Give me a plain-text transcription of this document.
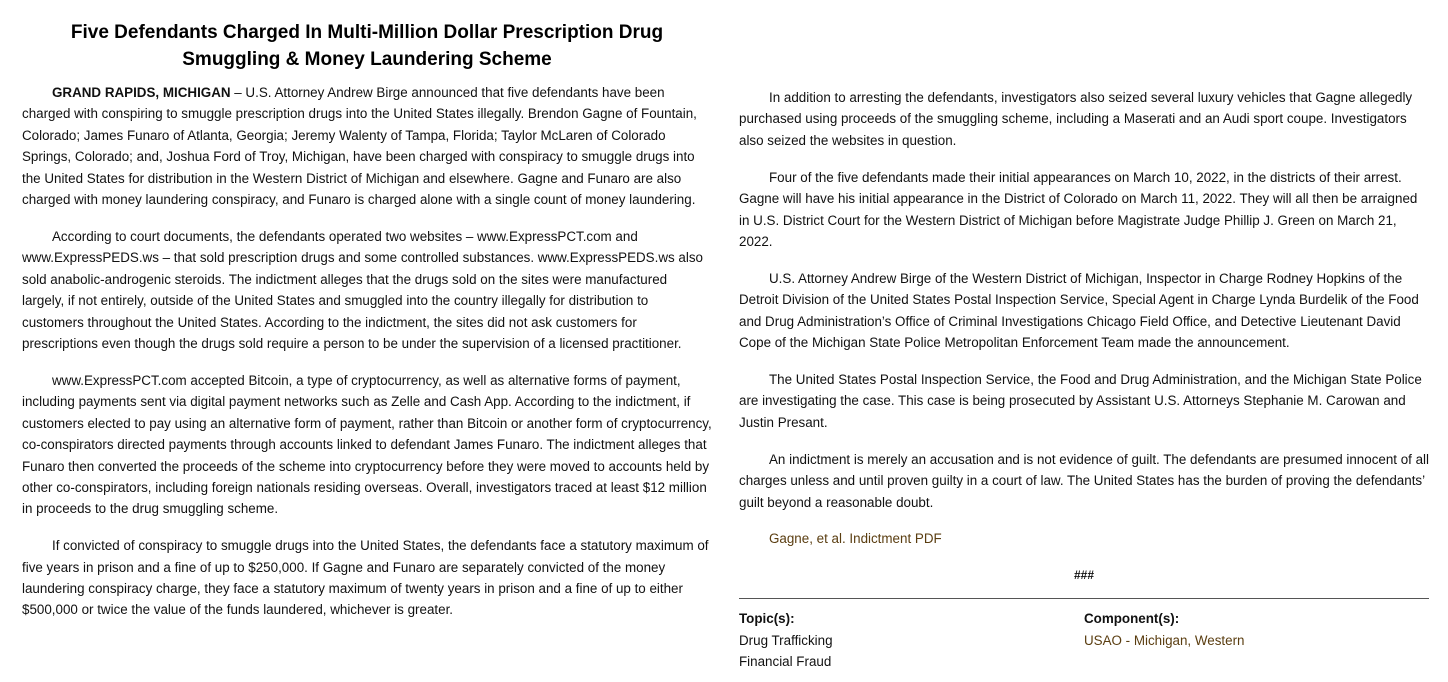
Five Defendants Charged In Multi-Million Dollar Prescription Drug Smuggling & Money Laundering Scheme

GRAND RAPIDS, MICHIGAN – U.S. Attorney Andrew Birge announced that five defendants have been charged with conspiring to smuggle prescription drugs into the United States illegally. Brendon Gagne of Fountain, Colorado; James Funaro of Atlanta, Georgia; Jeremy Walenty of Tampa, Florida; Taylor McLaren of Colorado Springs, Colorado; and, Joshua Ford of Troy, Michigan, have been charged with conspiracy to smuggle drugs into the United States for distribution in the Western District of Michigan and elsewhere. Gagne and Funaro are also charged with money laundering conspiracy, and Funaro is charged alone with a single count of money laundering.

According to court documents, the defendants operated two websites – www.ExpressPCT.com and www.ExpressPEDS.ws – that sold prescription drugs and some controlled substances. www.ExpressPEDS.ws also sold anabolic-androgenic steroids. The indictment alleges that the drugs sold on the sites were manufactured largely, if not entirely, outside of the United States and smuggled into the country illegally for distribution to customers throughout the United States. According to the indictment, the sites did not ask customers for prescriptions even though the drugs sold require a person to be under the supervision of a licensed practitioner.

www.ExpressPCT.com accepted Bitcoin, a type of cryptocurrency, as well as alternative forms of payment, including payments sent via digital payment networks such as Zelle and Cash App. According to the indictment, if customers elected to pay using an alternative form of payment, rather than Bitcoin or another form of cryptocurrency, co-conspirators directed payments through accounts linked to defendant James Funaro. The indictment alleges that Funaro then converted the proceeds of the scheme into cryptocurrency before they were moved to accounts held by other co-conspirators, including foreign nationals residing overseas. Overall, investigators traced at least $12 million in proceeds to the drug smuggling scheme.

If convicted of conspiracy to smuggle drugs into the United States, the defendants face a statutory maximum of five years in prison and a fine of up to $250,000. If Gagne and Funaro are separately convicted of the money laundering conspiracy charge, they face a statutory maximum of twenty years in prison and a fine of up to either $500,000 or twice the value of the funds laundered, whichever is greater.

In addition to arresting the defendants, investigators also seized several luxury vehicles that Gagne allegedly purchased using proceeds of the smuggling scheme, including a Maserati and an Audi sport coupe. Investigators also seized the websites in question.

Four of the five defendants made their initial appearances on March 10, 2022, in the districts of their arrest. Gagne will have his initial appearance in the District of Colorado on March 11, 2022. They will all then be arraigned in U.S. District Court for the Western District of Michigan before Magistrate Judge Phillip J. Green on March 21, 2022.

U.S. Attorney Andrew Birge of the Western District of Michigan, Inspector in Charge Rodney Hopkins of the Detroit Division of the United States Postal Inspection Service, Special Agent in Charge Lynda Burdelik of the Food and Drug Administration’s Office of Criminal Investigations Chicago Field Office, and Detective Lieutenant David Cope of the Michigan State Police Metropolitan Enforcement Team made the announcement.

The United States Postal Inspection Service, the Food and Drug Administration, and the Michigan State Police are investigating the case. This case is being prosecuted by Assistant U.S. Attorneys Stephanie M. Carowan and Justin Presant.

An indictment is merely an accusation and is not evidence of guilt. The defendants are presumed innocent of all charges unless and until proven guilty in a court of law. The United States has the burden of proving the defendants’ guilt beyond a reasonable doubt.

Gagne, et al. Indictment PDF
###

Topic(s):

Drug Trafficking
Financial Fraud

Component(s):

USAO - Michigan, Western
